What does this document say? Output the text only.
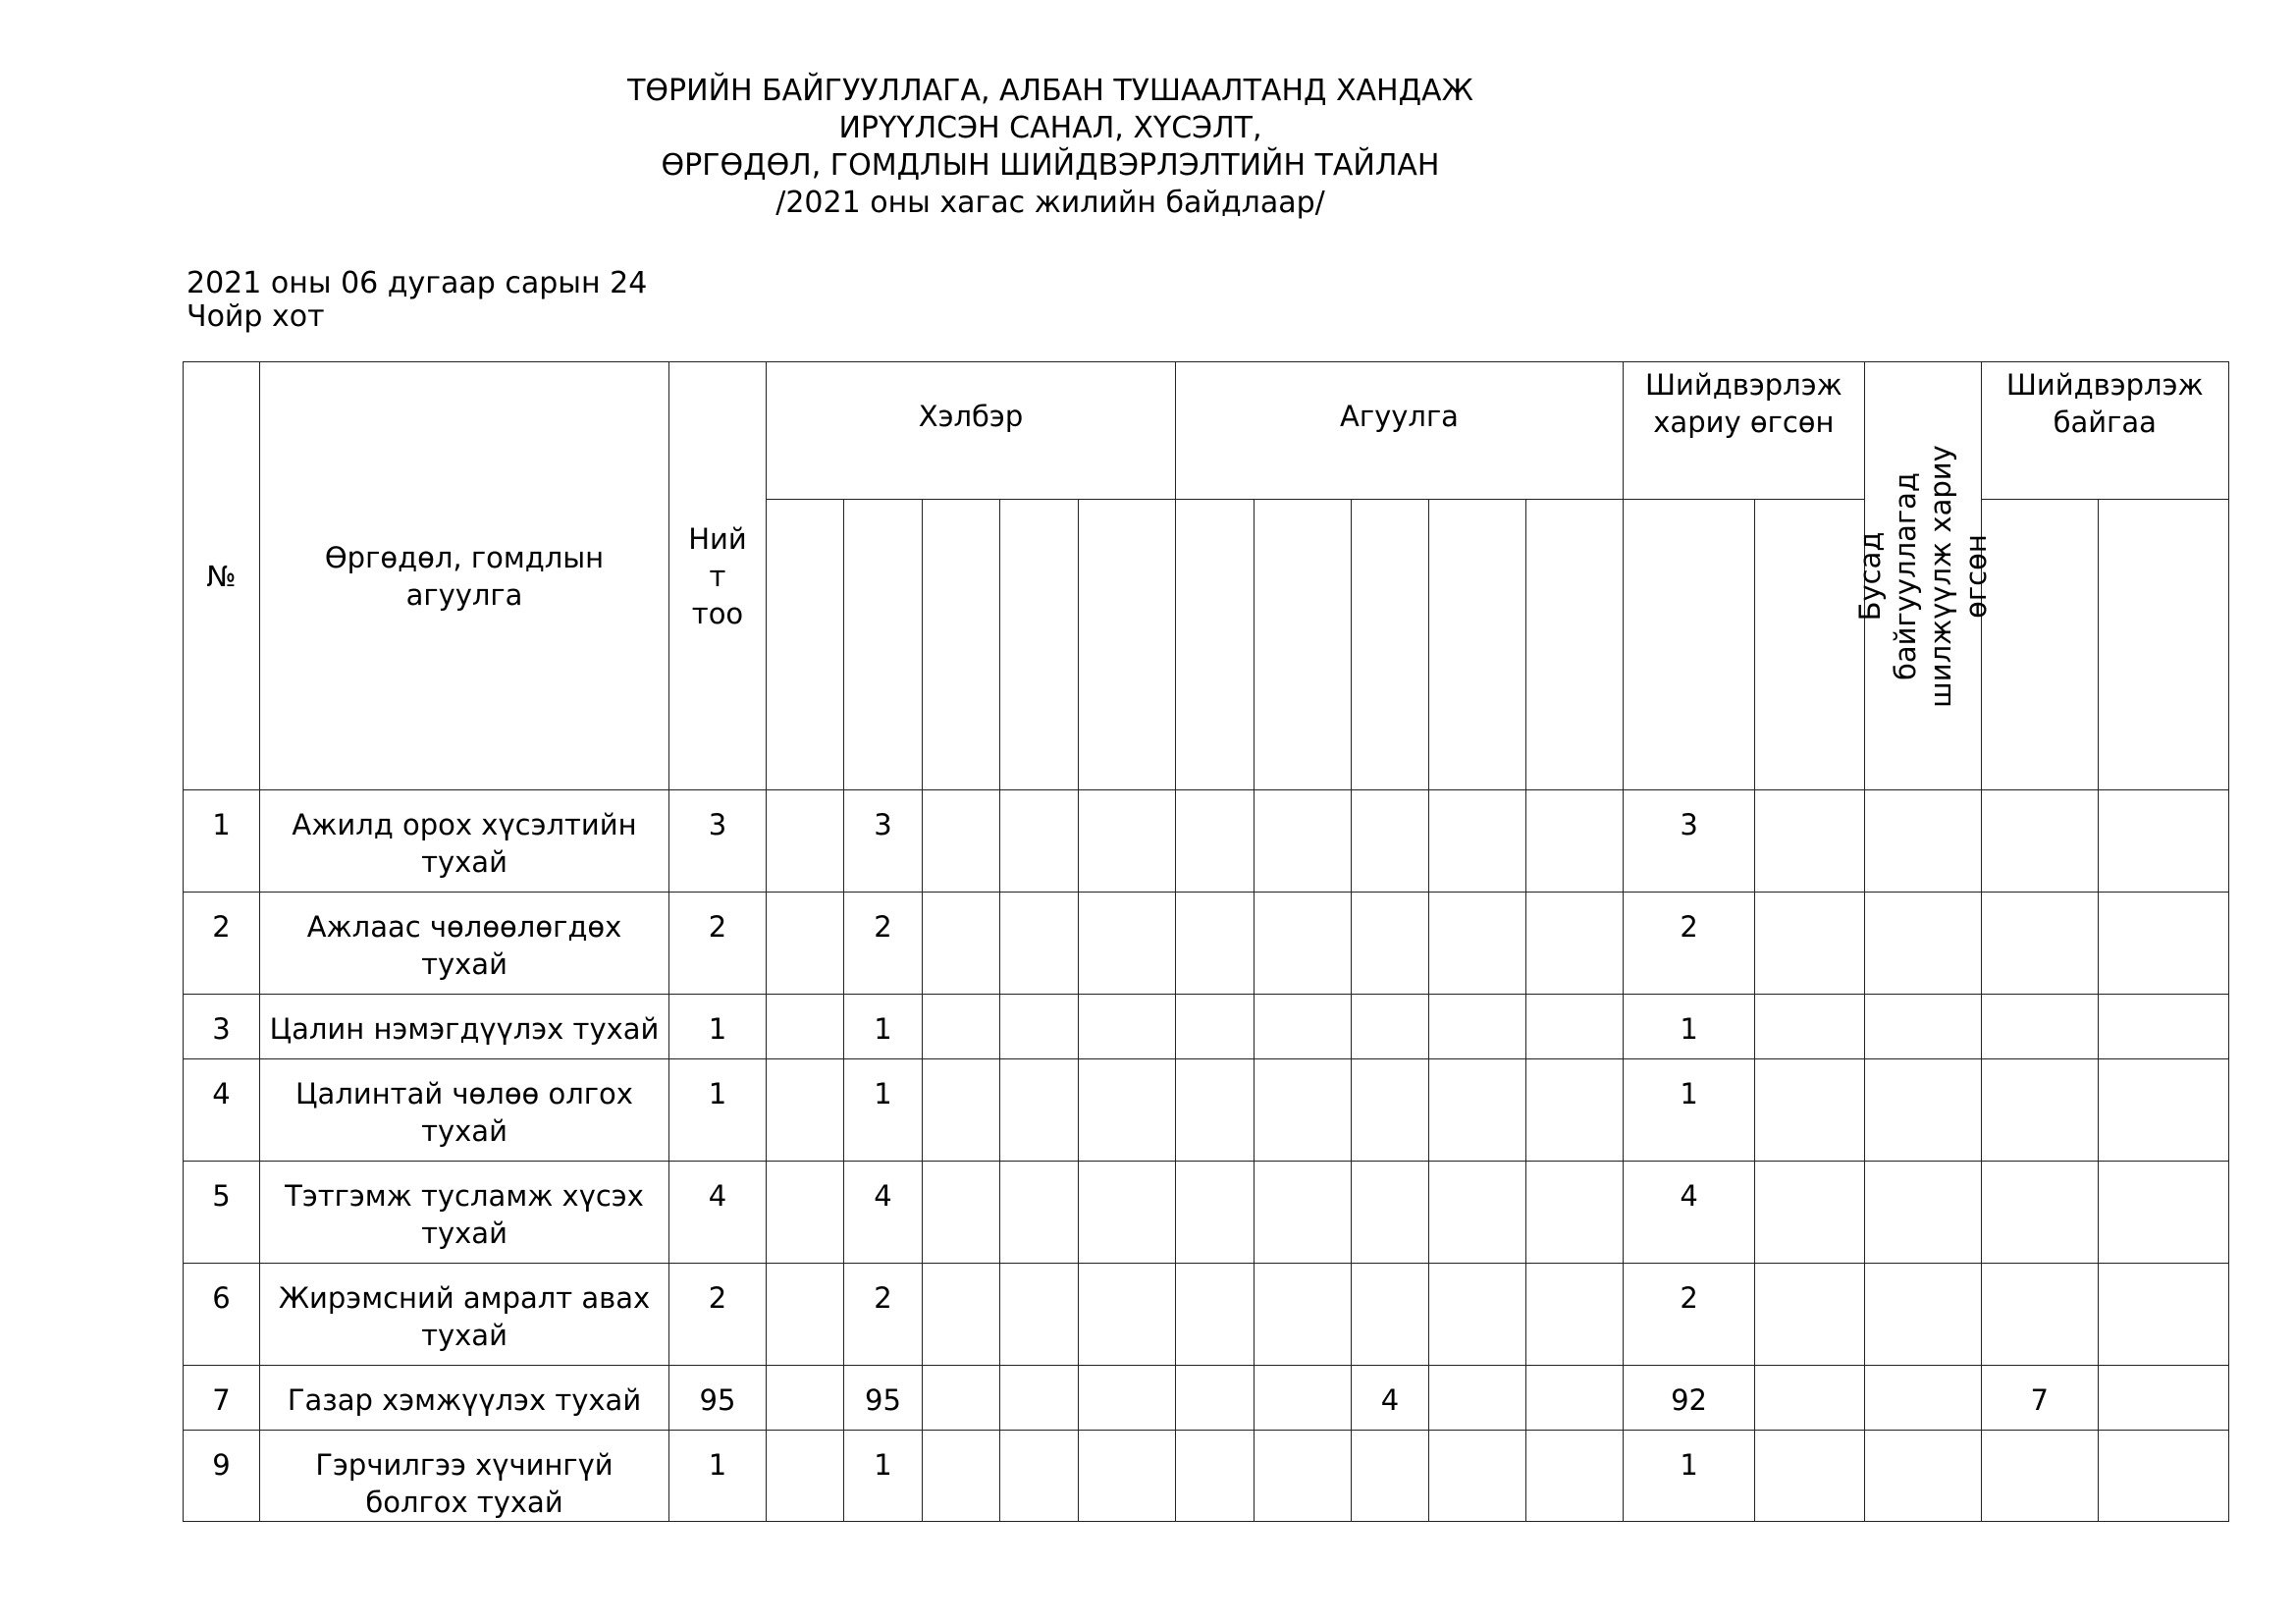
ТӨРИЙН БАЙГУУЛЛАГА, АЛБАН ТУШААЛТАНД ХАНДАЖ ИРҮҮЛСЭН САНАЛ, ХҮСЭЛТ,
ӨРГӨДӨЛ, ГОМДЛЫН ШИЙДВЭРЛЭЛТИЙН ТАЙЛАН
/2021 оны хагас жилийн байдлаар/
2021 оны 06 дугаар сарын 24
Чойр хот
№	Өргөдөл, гомдлын агуулга	Ний т тоо	Хэлбэр					Агуулга					Шийдвэрлэж хариу өгсөн		Бусад байгууллагад шилжүүлж хариу өгсөн	Шийдвэрлэж байгаа	

1	Ажилд орох хүсэлтийн тухай	3		3									3				
2	Ажлаас чөлөөлөгдөх тухай	2		2									2				
3	Цалин нэмэгдүүлэх тухай	1		1									1				
4	Цалинтай чөлөө олгох тухай	1		1									1				
5	Тэтгэмж тусламж хүсэх тухай	4		4									4				
6	Жирэмсний амралт авах тухай	2		2									2				
7	Газар хэмжүүлэх тухай	95		95						4			92			7	
9	Гэрчилгээ хүчингүй болгох тухай	1		1									1				
